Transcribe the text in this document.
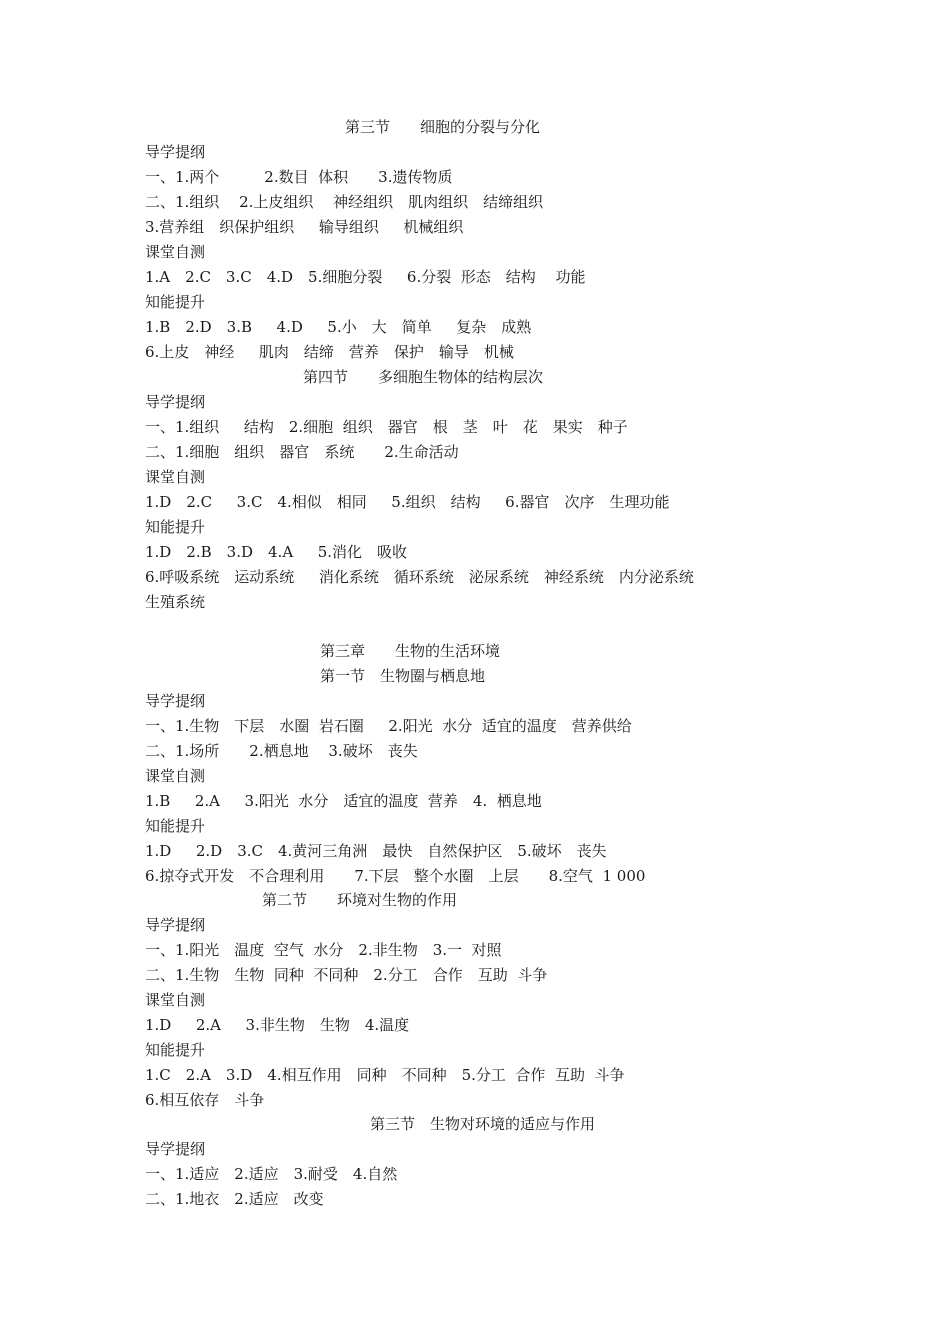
第三节　　细胞的分裂与分化
导学提纲
一、1.两个　　　2.数目  体积　　3.遗传物质
二、1.组织　 2.上皮组织　 神经组织　肌肉组织　结缔组织
3.营养组　织保护组织　  输导组织　  机械组织
课堂自测
1.A　2.C　3.C　4.D　5.细胞分裂　  6.分裂  形态　结构　 功能
知能提升
1.B　2.D　3.B　  4.D　  5.小　大　简单　  复杂　成熟
6.上皮　神经　  肌肉　结缔　营养　保护　输导　机械
第四节　　多细胞生物体的结构层次
导学提纲
一、1.组织　  结构　2.细胞  组织　器官　根　茎　叶　花　果实　种子
二、1.细胞　组织　器官　系统　　2.生命活动
课堂自测
1.D　2.C　  3.C　4.相似　相同　  5.组织　结构　  6.器官　次序　生理功能
知能提升
1.D　2.B　3.D　4.A　  5.消化　吸收
6.呼吸系统　运动系统　  消化系统　循环系统　泌尿系统　神经系统　内分泌系统
生殖系统
第三章　　生物的生活环境
第一节　生物圈与栖息地
导学提纲
一、1.生物　下层　水圈  岩石圈　  2.阳光  水分  适宜的温度　营养供给
二、1.场所　　2.栖息地　 3.破坏　丧失
课堂自测
1.B　  2.A　  3.阳光  水分　适宜的温度  营养　4.  栖息地
知能提升
1.D　  2.D　3.C　4.黄河三角洲　最快　自然保护区　5.破坏　丧失
6.掠夺式开发　不合理利用　　7.下层　整个水圈　上层　　8.空气  1 000
第二节　　环境对生物的作用
导学提纲
一、1.阳光　温度  空气  水分　2.非生物　3.一  对照
二、1.生物　生物  同种  不同种　2.分工　合作　互助  斗争
课堂自测
1.D　  2.A　  3.非生物　生物　4.温度
知能提升
1.C　2.A　3.D　4.相互作用　同种　不同种　5.分工  合作  互助  斗争
6.相互依存　斗争
第三节　生物对环境的适应与作用
导学提纲
一、1.适应　2.适应　3.耐受　4.自然
二、1.地衣　2.适应　改变
